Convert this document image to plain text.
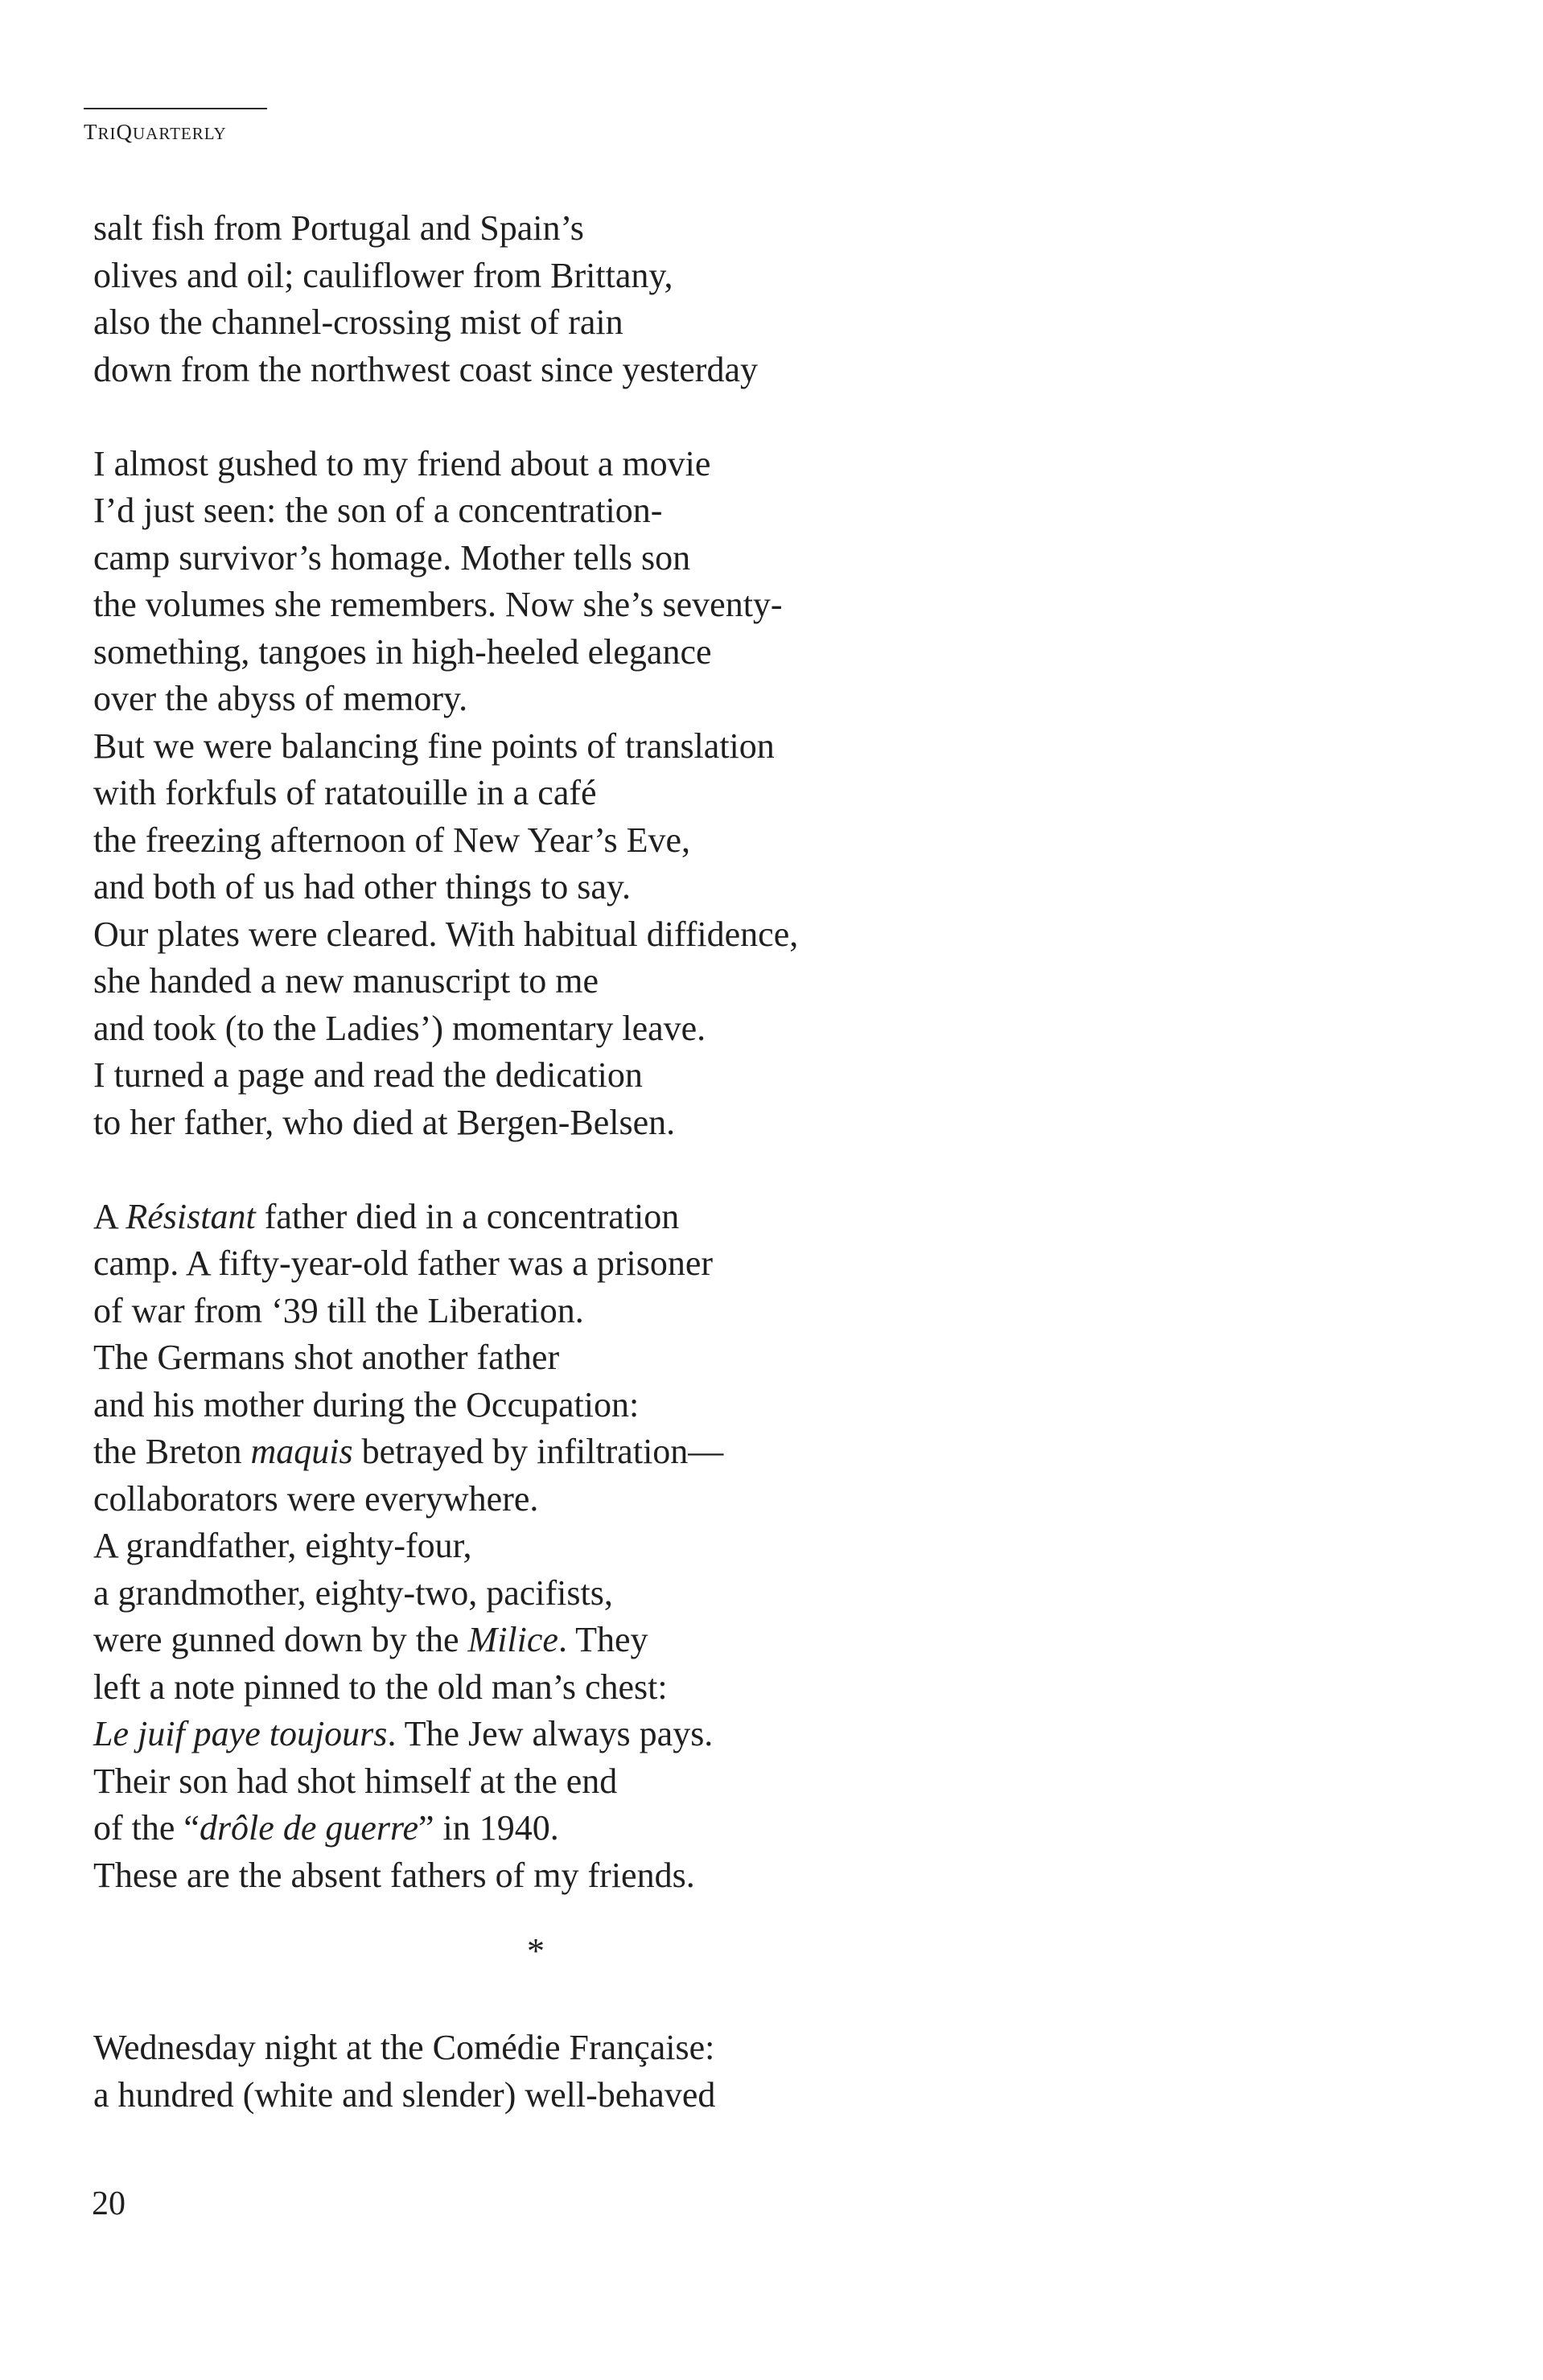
TRIQUARTERLY
salt fish from Portugal and Spain’s
olives and oil; cauliflower from Brittany,
also the channel-crossing mist of rain
down from the northwest coast since yesterday
I almost gushed to my friend about a movie
I’d just seen: the son of a concentration-
camp survivor’s homage. Mother tells son
the volumes she remembers. Now she’s seventy-
something, tangoes in high-heeled elegance
over the abyss of memory.
But we were balancing fine points of translation
with forkfuls of ratatouille in a café
the freezing afternoon of New Year’s Eve,
and both of us had other things to say.
Our plates were cleared. With habitual diffidence,
she handed a new manuscript to me
and took (to the Ladies’) momentary leave.
I turned a page and read the dedication
to her father, who died at Bergen-Belsen.
A Résistant father died in a concentration
camp. A fifty-year-old father was a prisoner
of war from ‘39 till the Liberation.
The Germans shot another father
and his mother during the Occupation:
the Breton maquis betrayed by infiltration—
collaborators were everywhere.
A grandfather, eighty-four,
a grandmother, eighty-two, pacifists,
were gunned down by the Milice. They
left a note pinned to the old man’s chest:
Le juif paye toujours. The Jew always pays.
Their son had shot himself at the end
of the “drôle de guerre” in 1940.
These are the absent fathers of my friends.
*
Wednesday night at the Comédie Française:
a hundred (white and slender) well-behaved
20
